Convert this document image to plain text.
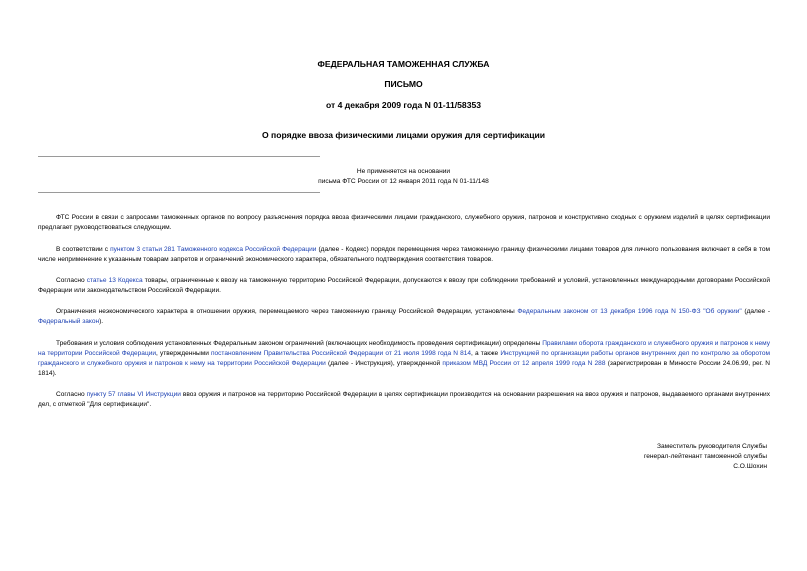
ФЕДЕРАЛЬНАЯ ТАМОЖЕННАЯ СЛУЖБА
ПИСЬМО
от 4 декабря 2009 года N 01-11/58353
О порядке ввоза физическими лицами оружия для сертификации
Не применяется на основании
письма ФТС России от 12 января 2011 года N 01-11/148
ФТС России в связи с запросами таможенных органов по вопросу разъяснения порядка ввоза физическими лицами гражданского, служебного оружия, патронов и конструктивно сходных с оружием изделий в целях сертификации предлагает руководствоваться следующим.
В соответствии с пунктом 3 статьи 281 Таможенного кодекса Российской Федерации (далее - Кодекс) порядок перемещения через таможенную границу физическими лицами товаров для личного пользования включает в себя в том числе неприменение к указанным товарам запретов и ограничений экономического характера, обязательного подтверждения соответствия товаров.
Согласно статье 13 Кодекса товары, ограниченные к ввозу на таможенную территорию Российской Федерации, допускаются к ввозу при соблюдении требований и условий, установленных международными договорами Российской Федерации или законодательством Российской Федерации.
Ограничения неэкономического характера в отношении оружия, перемещаемого через таможенную границу Российской Федерации, установлены Федеральным законом от 13 декабря 1996 года N 150-ФЗ "Об оружии" (далее - Федеральный закон).
Требования и условия соблюдения установленных Федеральным законом ограничений (включающих необходимость проведения сертификации) определены Правилами оборота гражданского и служебного оружия и патронов к нему на территории Российской Федерации, утвержденными постановлением Правительства Российской Федерации от 21 июля 1998 года N 814, а также Инструкцией по организации работы органов внутренних дел по контролю за оборотом гражданского и служебного оружия и патронов к нему на территории Российской Федерации (далее - Инструкция), утвержденной приказом МВД России от 12 апреля 1999 года N 288 (зарегистрирован в Минюсте России 24.06.99, рег. N 1814).
Согласно пункту 57 главы VI Инструкции ввоз оружия и патронов на территорию Российской Федерации в целях сертификации производится на основании разрешения на ввоз оружия и патронов, выдаваемого органами внутренних дел, с отметкой "Для сертификации".
Заместитель руководителя Службы
генерал-лейтенант таможенной службы
С.О.Шохин
